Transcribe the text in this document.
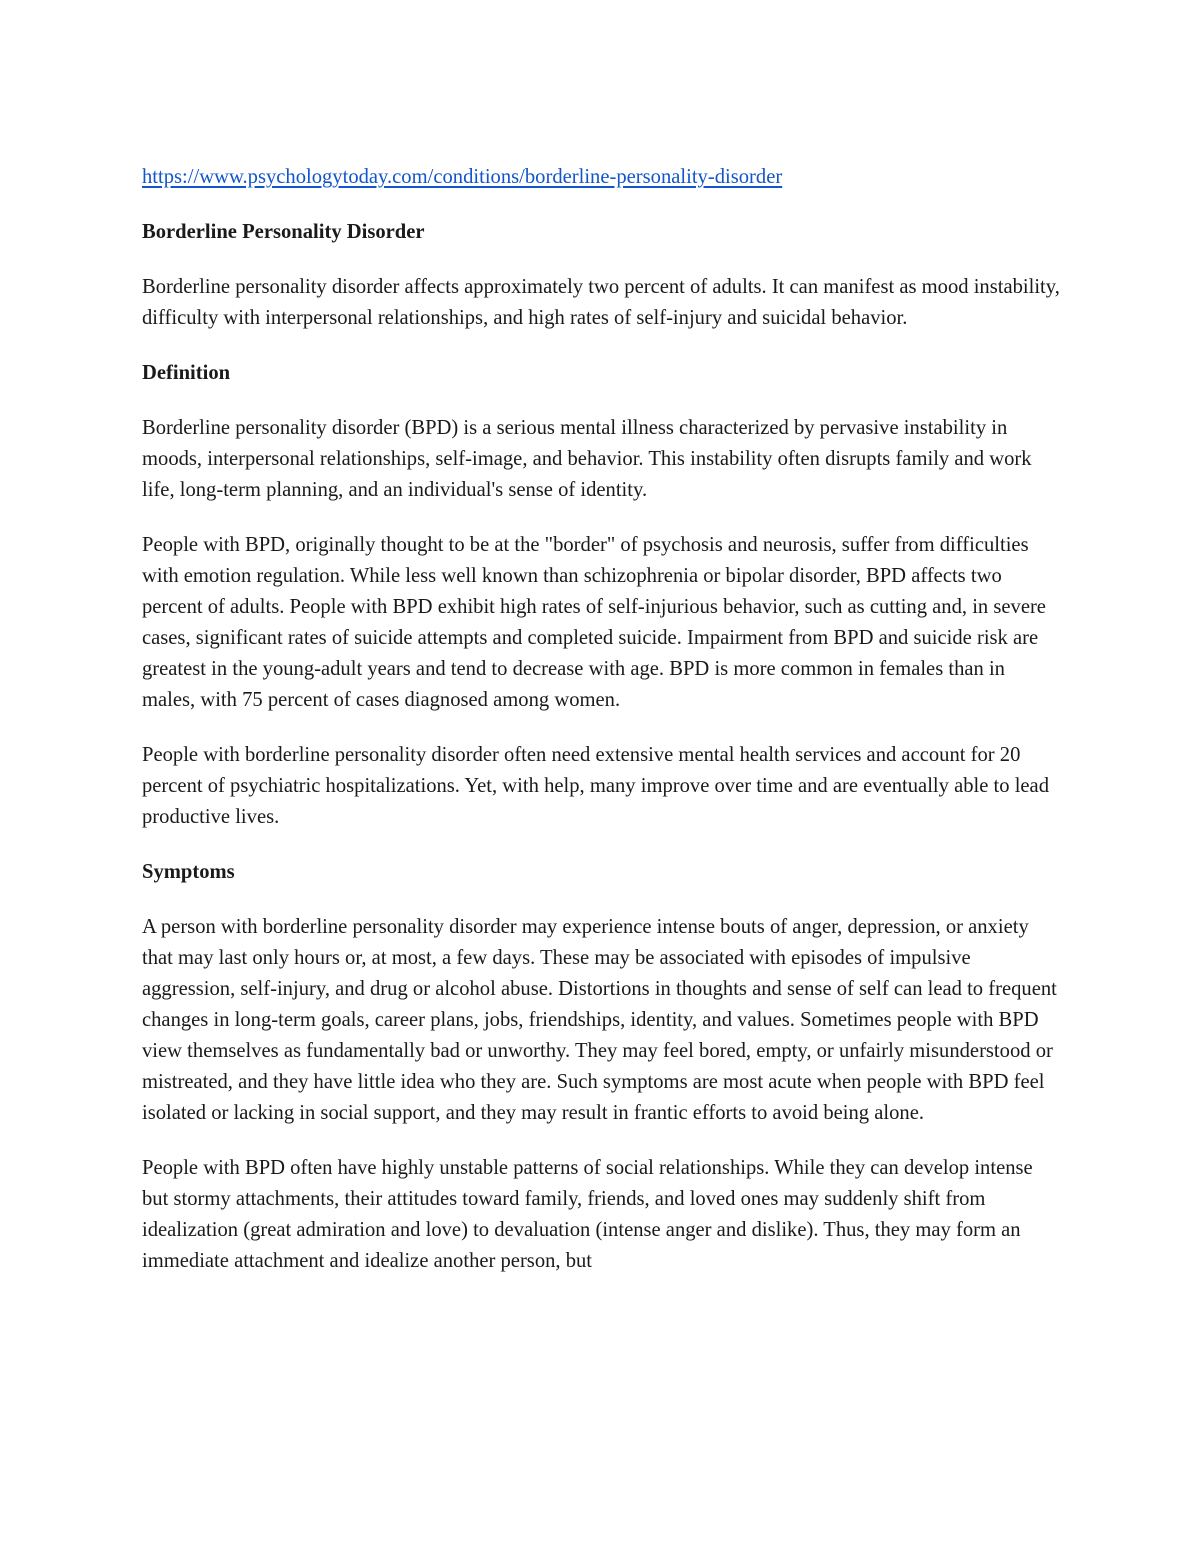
https://www.psychologytoday.com/conditions/borderline-personality-disorder
Borderline Personality Disorder

Borderline personality disorder affects approximately two percent of adults. It can manifest as mood instability, difficulty with interpersonal relationships, and high rates of self-injury and suicidal behavior.

Definition

Borderline personality disorder (BPD) is a serious mental illness characterized by pervasive instability in moods, interpersonal relationships, self-image, and behavior. This instability often disrupts family and work life, long-term planning, and an individual's sense of identity.

People with BPD, originally thought to be at the "border" of psychosis and neurosis, suffer from difficulties with emotion regulation. While less well known than schizophrenia or bipolar disorder, BPD affects two percent of adults. People with BPD exhibit high rates of self-injurious behavior, such as cutting and, in severe cases, significant rates of suicide attempts and completed suicide. Impairment from BPD and suicide risk are greatest in the young-adult years and tend to decrease with age. BPD is more common in females than in males, with 75 percent of cases diagnosed among women.

People with borderline personality disorder often need extensive mental health services and account for 20 percent of psychiatric hospitalizations. Yet, with help, many improve over time and are eventually able to lead productive lives.

Symptoms

A person with borderline personality disorder may experience intense bouts of anger, depression, or anxiety that may last only hours or, at most, a few days. These may be associated with episodes of impulsive aggression, self-injury, and drug or alcohol abuse. Distortions in thoughts and sense of self can lead to frequent changes in long-term goals, career plans, jobs, friendships, identity, and values. Sometimes people with BPD view themselves as fundamentally bad or unworthy. They may feel bored, empty, or unfairly misunderstood or mistreated, and they have little idea who they are. Such symptoms are most acute when people with BPD feel isolated or lacking in social support, and they may result in frantic efforts to avoid being alone.

People with BPD often have highly unstable patterns of social relationships. While they can develop intense but stormy attachments, their attitudes toward family, friends, and loved ones may suddenly shift from idealization (great admiration and love) to devaluation (intense anger and dislike). Thus, they may form an immediate attachment and idealize another person, but
